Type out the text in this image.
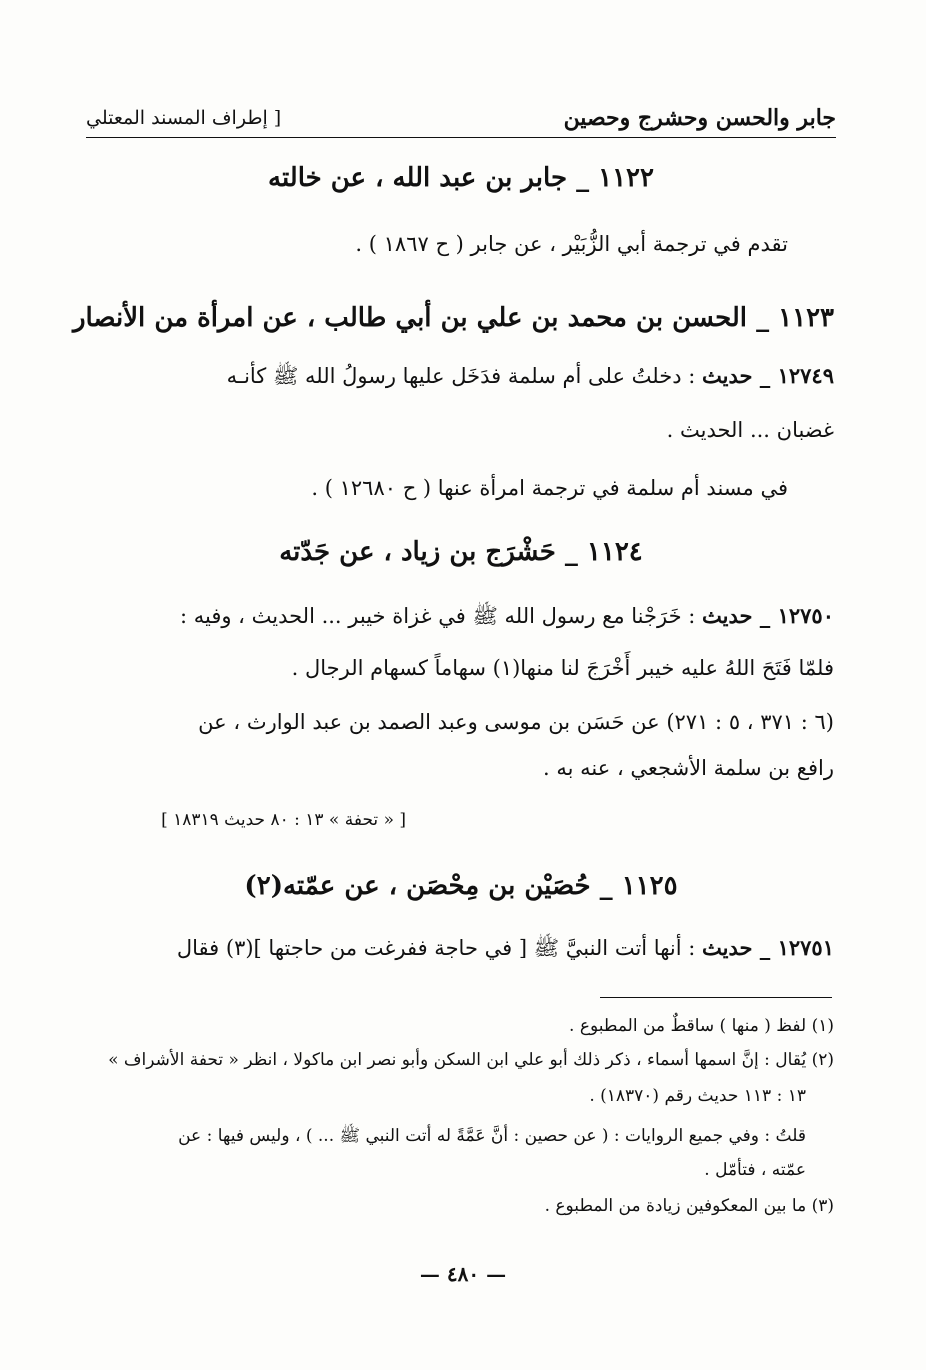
جابر والحسن وحشرج وحصين
[ إطراف المسند المعتلي
١١٢٢ _ جابر بن عبد الله ، عن خالته
تقدم في ترجمة أبي الزُّبَيْر ، عن جابر ( ح ١٨٦٧ ) .
١١٢٣ _ الحسن بن محمد بن علي بن أبي طالب ، عن امرأة من الأنصار
١٢٧٤٩ _ حديث : دخلتُ على أم سلمة فدَخَل عليها رسولُ الله ﷺ كأنـه
غضبان ... الحديث .
في مسند أم سلمة في ترجمة امرأة عنها ( ح ١٢٦٨٠ ) .
١١٢٤ _ حَشْرَج بن زياد ، عن جَدّته
١٢٧٥٠ _ حديث : خَرَجْنا مع رسول الله ﷺ في غزاة خيبر ... الحديث ، وفيه :
فلمّا فَتَحَ اللهُ عليه خيبر أَخْرَجَ لنا منها(١) سهاماً كسهام الرجال .
(٦ : ٣٧١ ، ٥ : ٢٧١) عن حَسَن بن موسى وعبد الصمد بن عبد الوارث ، عن
رافع بن سلمة الأشجعي ، عنه به .
[ « تحفة » ١٣ : ٨٠ حديث ١٨٣١٩ ]
١١٢٥ _ حُصَيْن بن مِحْصَن ، عن عمّته(٢)
١٢٧٥١ _ حديث : أنها أتت النبيَّ ﷺ [ في حاجة ففرغت من حاجتها ](٣) فقال
(١) لفظ ( منها ) ساقطٌ من المطبوع .
(٢) يُقال : إنَّ اسمها أسماء ، ذكر ذلك أبو علي ابن السكن وأبو نصر ابن ماكولا ، انظر « تحفة الأشراف »
١٣ : ١١٣ حديث رقم (١٨٣٧٠) .
قلتُ : وفي جميع الروايات : ( عن حصين : أنَّ عَمَّةً له أتت النبي ﷺ ... ) ، وليس فيها : عن
عمّته ، فتأمّل .
(٣) ما بين المعكوفين زيادة من المطبوع .
— ٤٨٠ —
